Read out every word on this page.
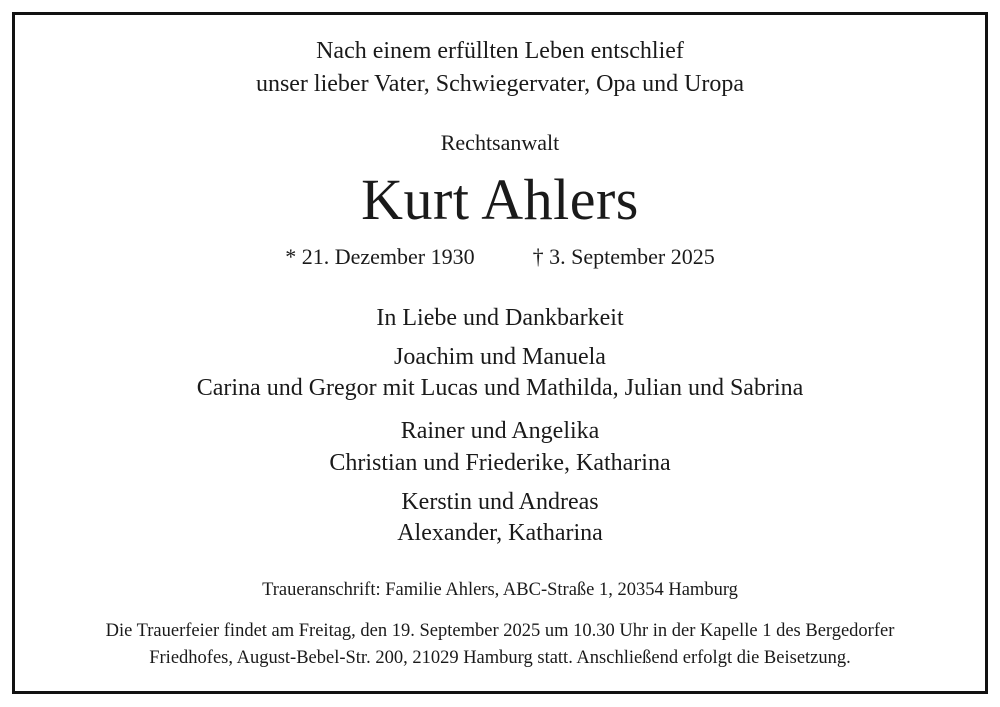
Nach einem erfüllten Leben entschlief
unser lieber Vater, Schwiegervater, Opa und Uropa
Rechtsanwalt
Kurt Ahlers
* 21. Dezember 1930	† 3. September 2025
In Liebe und Dankbarkeit
Joachim und Manuela
Carina und Gregor mit Lucas und Mathilda, Julian und Sabrina
Rainer und Angelika
Christian und Friederike, Katharina
Kerstin und Andreas
Alexander, Katharina
Traueranschrift: Familie Ahlers, ABC-Straße 1, 20354 Hamburg
Die Trauerfeier findet am Freitag, den 19. September 2025 um 10.30 Uhr in der Kapelle 1 des Bergedorfer
Friedhofes, August-Bebel-Str. 200, 21029 Hamburg statt. Anschließend erfolgt die Beisetzung.
